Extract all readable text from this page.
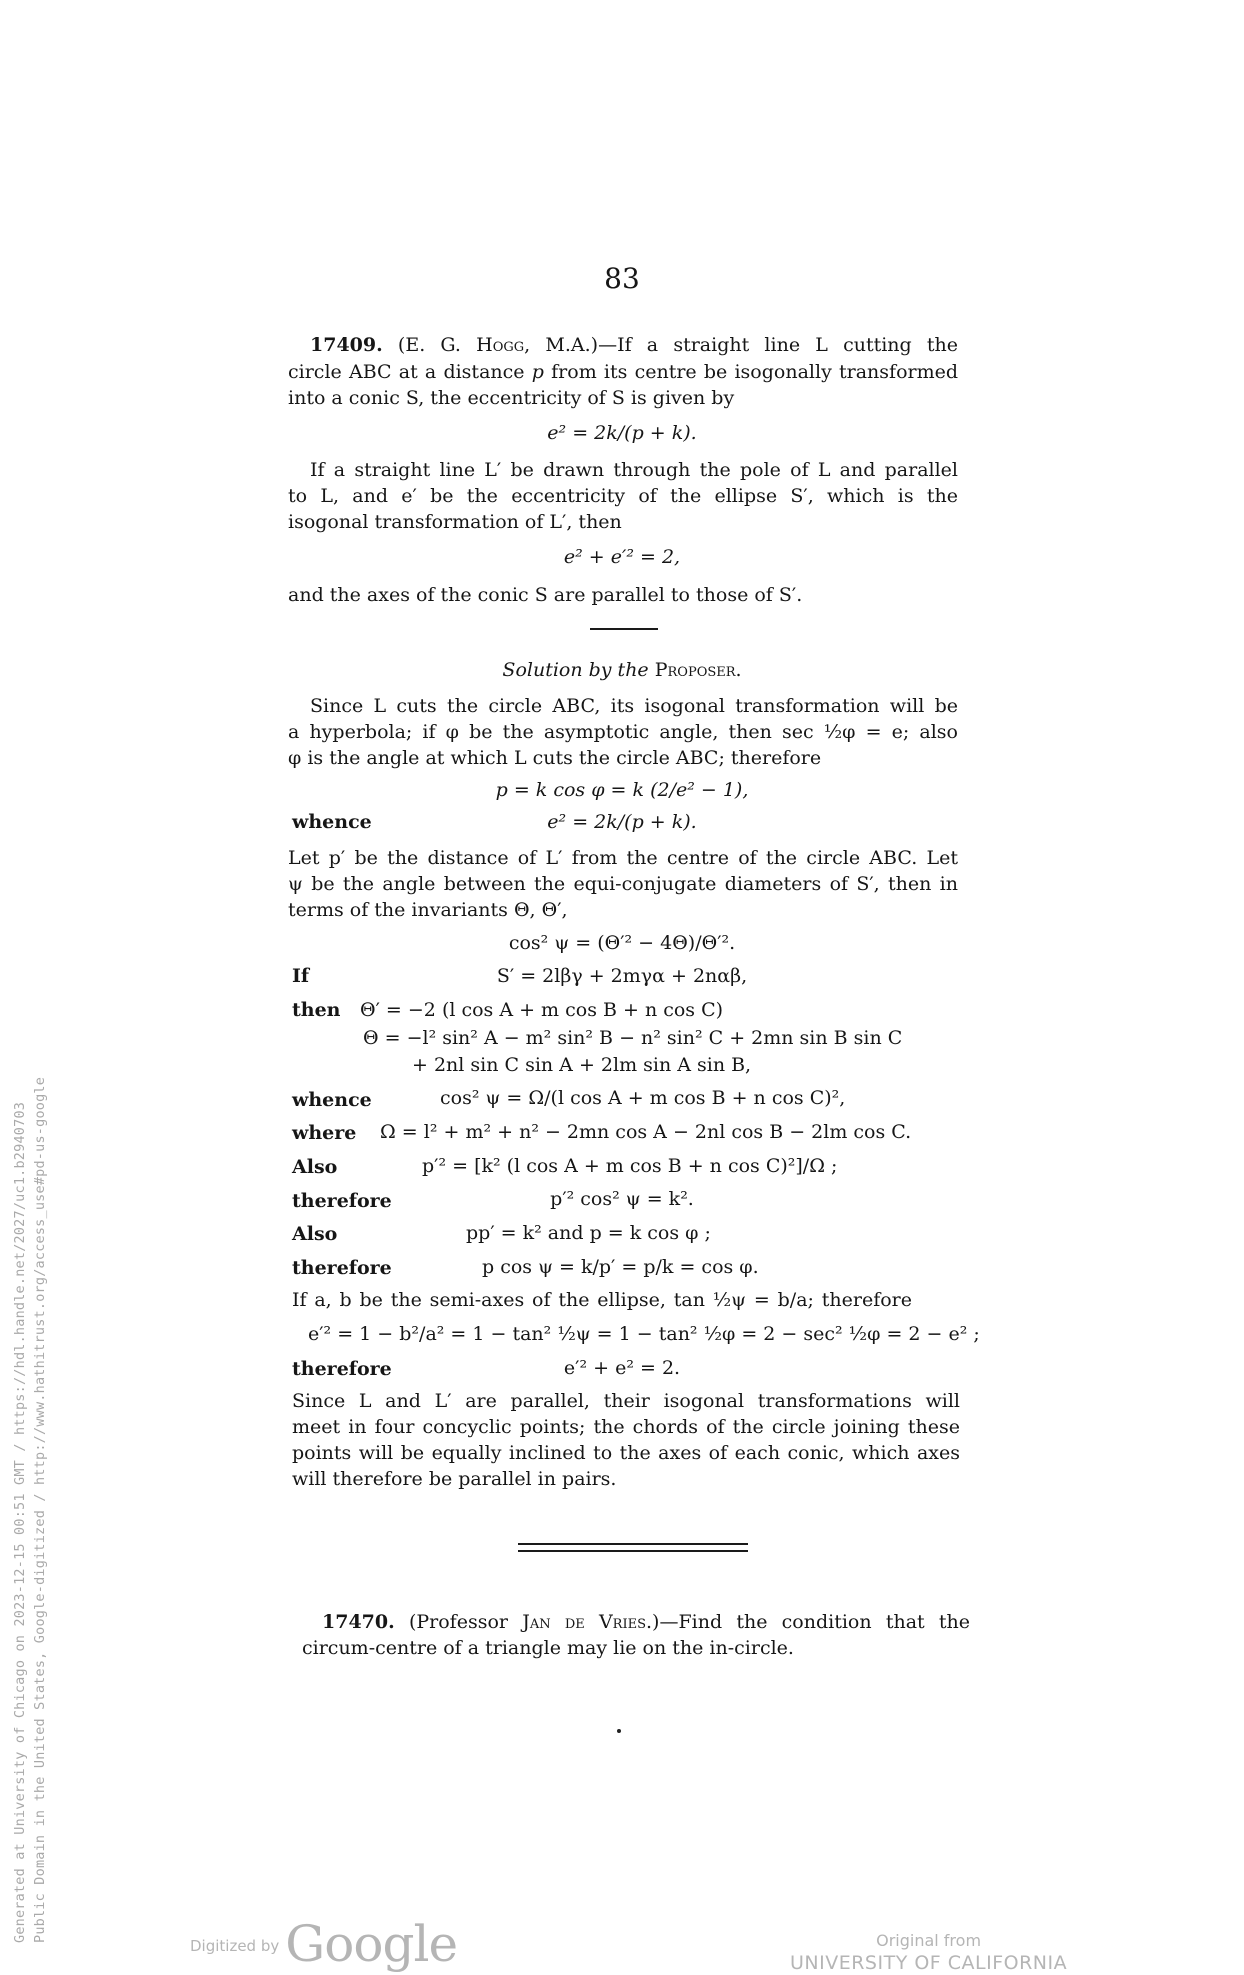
Generated at University of Chicago on 2023-12-15 00:51 GMT / https://hdl.handle.net/2027/uc1.b2940703 Public Domain in the United States, Google-digitized / http://www.hathitrust.org/access_use#pd-us-google
83
17409. (E. G. Hogg, M.A.)—If a straight line L cutting the
circle ABC at a distance p from its centre be isogonally transformed
into a conic S, the eccentricity of S is given by
e² = 2k/(p + k).
If a straight line L′ be drawn through the pole of L and parallel
to L, and e′ be the eccentricity of the ellipse S′, which is the
isogonal transformation of L′, then
e² + e′² = 2,
and the axes of the conic S are parallel to those of S′.
Solution by the Proposer.
Since L cuts the circle ABC, its isogonal transformation will be
a hyperbola; if φ be the asymptotic angle, then sec ½φ = e; also
φ is the angle at which L cuts the circle ABC; therefore
p = k cos φ = k (2/e² − 1),
whence	e² = 2k/(p + k).
Let p′ be the distance of L′ from the centre of the circle ABC. Let
ψ be the angle between the equi-conjugate diameters of S′, then in
terms of the invariants Θ, Θ′,
cos² ψ = (Θ′² − 4Θ)/Θ′².
If	S′ = 2lβγ + 2mγα + 2nαβ,
then Θ′ = −2 (l cos A + m cos B + n cos C)
Θ = −l² sin² A − m² sin² B − n² sin² C + 2mn sin B sin C
+ 2nl sin C sin A + 2lm sin A sin B,
whence	cos² ψ = Ω/(l cos A + m cos B + n cos C)²,
where Ω = l² + m² + n² − 2mn cos A − 2nl cos B − 2lm cos C.
Also	p′² = [k² (l cos A + m cos B + n cos C)²]/Ω ;
therefore	p′² cos² ψ = k².
Also	pp′ = k² and p = k cos φ ;
therefore	p cos ψ = k/p′ = p/k = cos φ.
If a, b be the semi-axes of the ellipse, tan ½ψ = b/a; therefore
e′² = 1 − b²/a² = 1 − tan² ½ψ = 1 − tan² ½φ = 2 − sec² ½φ = 2 − e² ;
therefore	e′² + e² = 2.
Since L and L′ are parallel, their isogonal transformations will
meet in four concyclic points; the chords of the circle joining these
points will be equally inclined to the axes of each conic, which axes
will therefore be parallel in pairs.
17470. (Professor Jan de Vries.)—Find the condition that the
circum-centre of a triangle may lie on the in-circle.
$^{Digitized by}$ Google	Original from
UNIVERSITY OF CALIFORNIA
